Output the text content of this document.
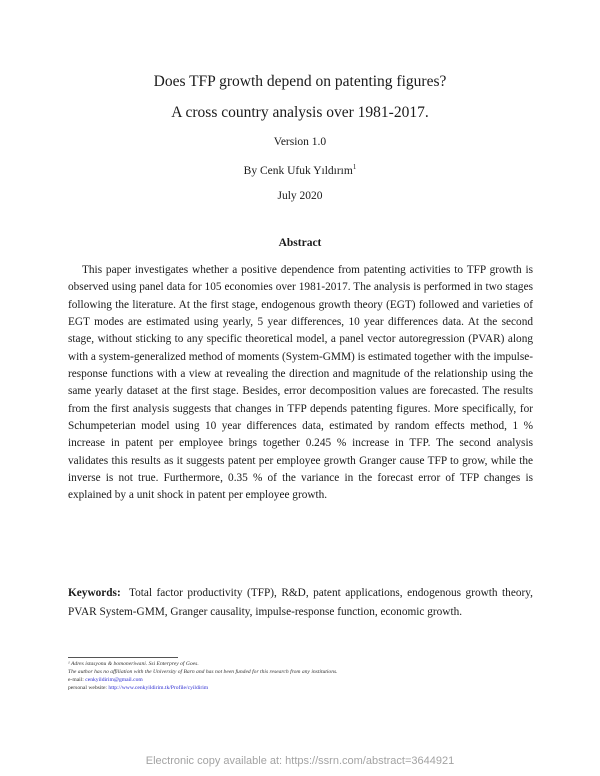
Does TFP growth depend on patenting figures?
A cross country analysis over 1981-2017.
Version 1.0
By Cenk Ufuk Yıldırım$^1$
July 2020
Abstract

This paper investigates whether a positive dependence from patenting activities to TFP growth is observed using panel data for 105 economies over 1981-2017. The analysis is performed in two stages following the literature. At the first stage, endogenous growth theory (EGT) followed and varieties of EGT modes are estimated using yearly, 5 year differences, 10 year differences data. At the second stage, without sticking to any specific theoretical model, a panel vector autoregression (PVAR) along with a system-generalized method of moments (System-GMM) is estimated together with the impulse-response functions with a view at revealing the direction and magnitude of the relationship using the same yearly dataset at the first stage. Besides, error decomposition values are forecasted. The results from the first analysis suggests that changes in TFP depends patenting figures. More specifically, for Schumpeterian model using 10 year differences data, estimated by random effects method, 1 % increase in patent per employee brings together 0.245 % increase in TFP. The second analysis validates this results as it suggests patent per employee growth Granger cause TFP to grow, while the inverse is not true. Furthermore, 0.35 % of the variance in the forecast error of TFP changes is explained by a unit shock in patent per employee growth.

Keywords: Total factor productivity (TFP), R&D, patent applications, endogenous growth theory, PVAR System-GMM, Granger causality, impulse-response function, economic growth.

¹ Adres istasyonu & bomoneriwani. Ssi Enterprey of Goes.
The author has no affiliation with the University of Barn and has not been funded for this research from any institutions.
e-mail: cenkyildirim@gmail.com
personal website: http://www.cenkyildirim.tk/Profile/cyildirim
Electronic copy available at: https://ssrn.com/abstract=3644921
